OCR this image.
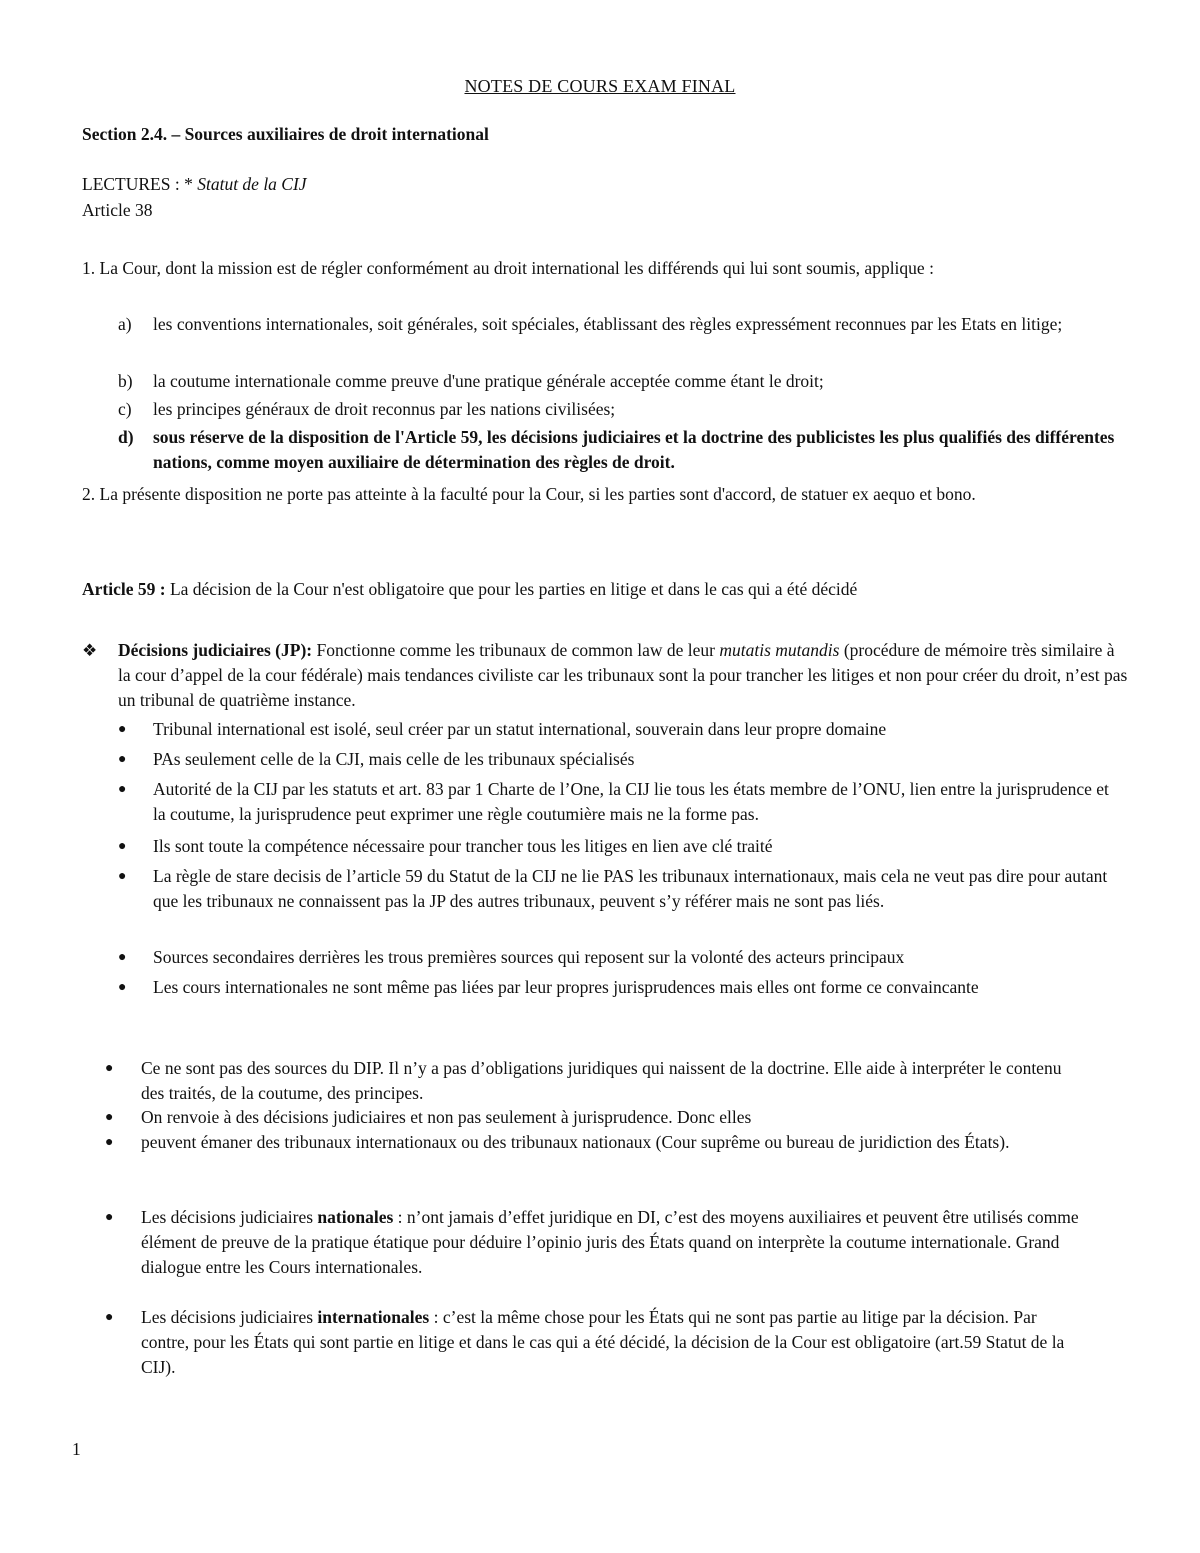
NOTES DE COURS EXAM FINAL
Section 2.4. – Sources auxiliaires de droit international
LECTURES : * Statut de la CIJ
Article 38
1. La Cour, dont la mission est de régler conformément au droit international les différends qui lui sont soumis, applique :
a)	les conventions internationales, soit générales, soit spéciales, établissant des règles expressément reconnues par les Etats en litige;
b)	la coutume internationale comme preuve d'une pratique générale acceptée comme étant le droit;
c)	les principes généraux de droit reconnus par les nations civilisées;
d)	sous réserve de la disposition de l'Article 59, les décisions judiciaires et la doctrine des publicistes les plus qualifiés des différentes nations, comme moyen auxiliaire de détermination des règles de droit.
2. La présente disposition ne porte pas atteinte à la faculté pour la Cour, si les parties sont d'accord, de statuer ex aequo et bono.
Article 59 : La décision de la Cour n'est obligatoire que pour les parties en litige et dans le cas qui a été décidé
❖ Décisions judiciaires (JP): Fonctionne comme les tribunaux de common law de leur mutatis mutandis (procédure de mémoire très similaire à la cour d’appel de la cour fédérale) mais tendances civiliste car les tribunaux sont la pour trancher les litiges et non pour créer du droit, n’est pas un tribunal de quatrième instance.
● Tribunal international est isolé, seul créer par un statut international, souverain dans leur propre domaine
● PAs seulement celle de la CJI, mais celle de les tribunaux spécialisés
● Autorité de la CIJ par les statuts et art. 83 par 1 Charte de l’One, la CIJ lie tous les états membre de l’ONU, lien entre la jurisprudence et la coutume, la jurisprudence peut exprimer une règle coutumière mais ne la forme pas.
● Ils sont toute la compétence nécessaire pour trancher tous les litiges en lien ave clé traité
● La règle de stare decisis de l’article 59 du Statut de la CIJ ne lie PAS les tribunaux internationaux, mais cela ne veut pas dire pour autant que les tribunaux ne connaissent pas la JP des autres tribunaux, peuvent s’y référer mais ne sont pas liés.
● Sources secondaires derrières les trous premières sources qui reposent sur la volonté des acteurs principaux
● Les cours internationales ne sont même pas liées par leur propres jurisprudences mais elles ont forme ce convaincante
● Ce ne sont pas des sources du DIP. Il n’y a pas d’obligations juridiques qui naissent de la doctrine. Elle aide à interpréter le contenu des traités, de la coutume, des principes.
● On renvoie à des décisions judiciaires et non pas seulement à jurisprudence. Donc elles
● peuvent émaner des tribunaux internationaux ou des tribunaux nationaux (Cour suprême ou bureau de juridiction des États).
● Les décisions judiciaires nationales : n’ont jamais d’effet juridique en DI, c’est des moyens auxiliaires et peuvent être utilisés comme élément de preuve de la pratique étatique pour déduire l’opinio juris des États quand on interprète la coutume internationale. Grand dialogue entre les Cours internationales.
● Les décisions judiciaires internationales : c’est la même chose pour les États qui ne sont pas partie au litige par la décision. Par contre, pour les États qui sont partie en litige et dans le cas qui a été décidé, la décision de la Cour est obligatoire (art.59 Statut de la CIJ).
1
